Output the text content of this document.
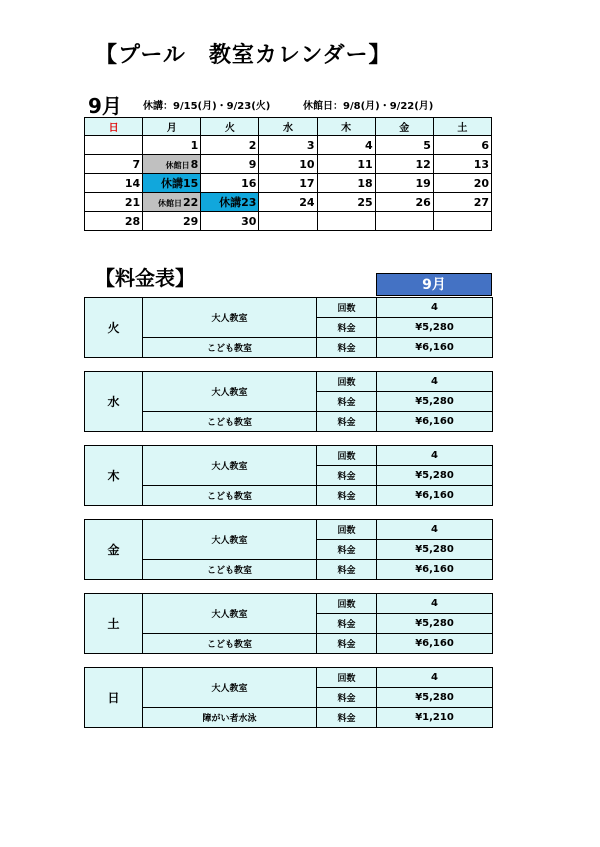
【プール　教室カレンダー】
9月 休講：9/15(月)・9/23(火)	休館日：9/8(月)・9/22(月)
日	月	火	水	木	金	土
	1	2	3	4	5	6
7	休館日8	9	10	11	12	13
14	休講15	16	17	18	19	20
21	休館日22	休講23	24	25	26	27
28	29	30				
【料金表】	9月
火	大人教室	回数	4
		料金	¥5,280
	こども教室	料金	¥6,160
水	大人教室	回数	4
		料金	¥5,280
	こども教室	料金	¥6,160
木	大人教室	回数	4
		料金	¥5,280
	こども教室	料金	¥6,160
金	大人教室	回数	4
		料金	¥5,280
	こども教室	料金	¥6,160
土	大人教室	回数	4
		料金	¥5,280
	こども教室	料金	¥6,160
日	大人教室	回数	4
		料金	¥5,280
	障がい者水泳	料金	¥1,210
